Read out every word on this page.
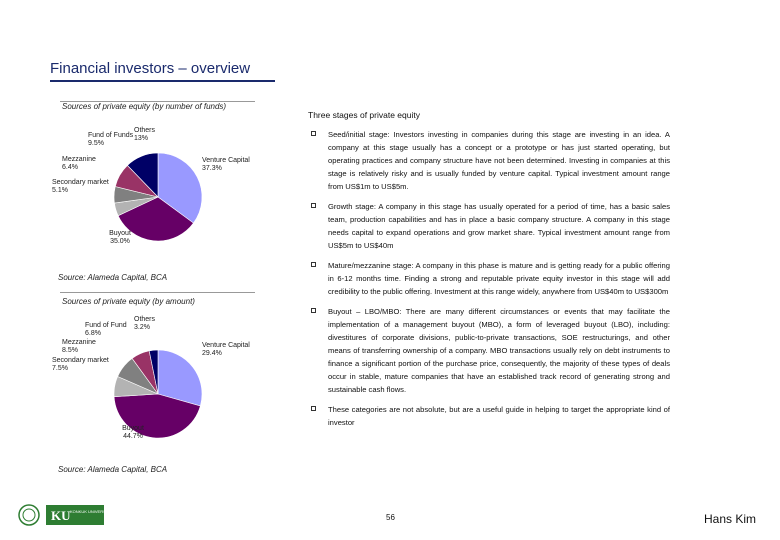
Financial investors – overview
Sources of private equity (by number of funds)
Venture Capital 37.3%
Buyout 35.0%
Secondary market 5.1%
Mezzanine 6.4%
Fund of Funds 9.5%
Others 13%
Source: Alameda Capital, BCA
Sources of private equity (by amount)
Venture Capital 29.4%
Buyout 44.7%
Secondary market 7.5%
Mezzanine 8.5%
Fund of Fund 6.8%
Others 3.2%
Source: Alameda Capital, BCA
Three stages of private equity
Seed/initial stage: Investors investing in companies during this stage are investing in an idea. A company at this stage usually has a concept or a prototype or has just started operating, but operating practices and company structure have not been determined. Investing in companies at this stage is relatively risky and is usually funded by venture capital. Typical investment amount range from US$1m to US$5m.
Growth stage: A company in this stage has usually operated for a period of time, has a basic sales team, production capabilities and has in place a basic company structure. A company in this stage needs capital to expand operations and grow market share. Typical investment amount range from US$5m to US$40m
Mature/mezzanine stage: A company in this phase is mature and is getting ready for a public offering in 6-12 months time. Finding a strong and reputable private equity investor in this stage will add credibility to the public offering. Investment at this range widely, anywhere from US$40m to US$300m
Buyout – LBO/MBO: There are many different circumstances or events that may facilitate the implementation of a management buyout (MBO), a form of leveraged buyout (LBO), including: divestitures of corporate divisions, public-to-private transactions, SOE restructurings, and other means of transferring ownership of a company. MBO transactions usually rely on debt instruments to finance a significant portion of the purchase price, consequently, the majority of these types of deals occur in stable, mature companies that have an established track record of generating strong and sustainable cash flows.
These categories are not absolute, but are a useful guide in helping to target the appropriate kind of investor
KU KONKUK UNIVERSITY
56	Hans Kim
